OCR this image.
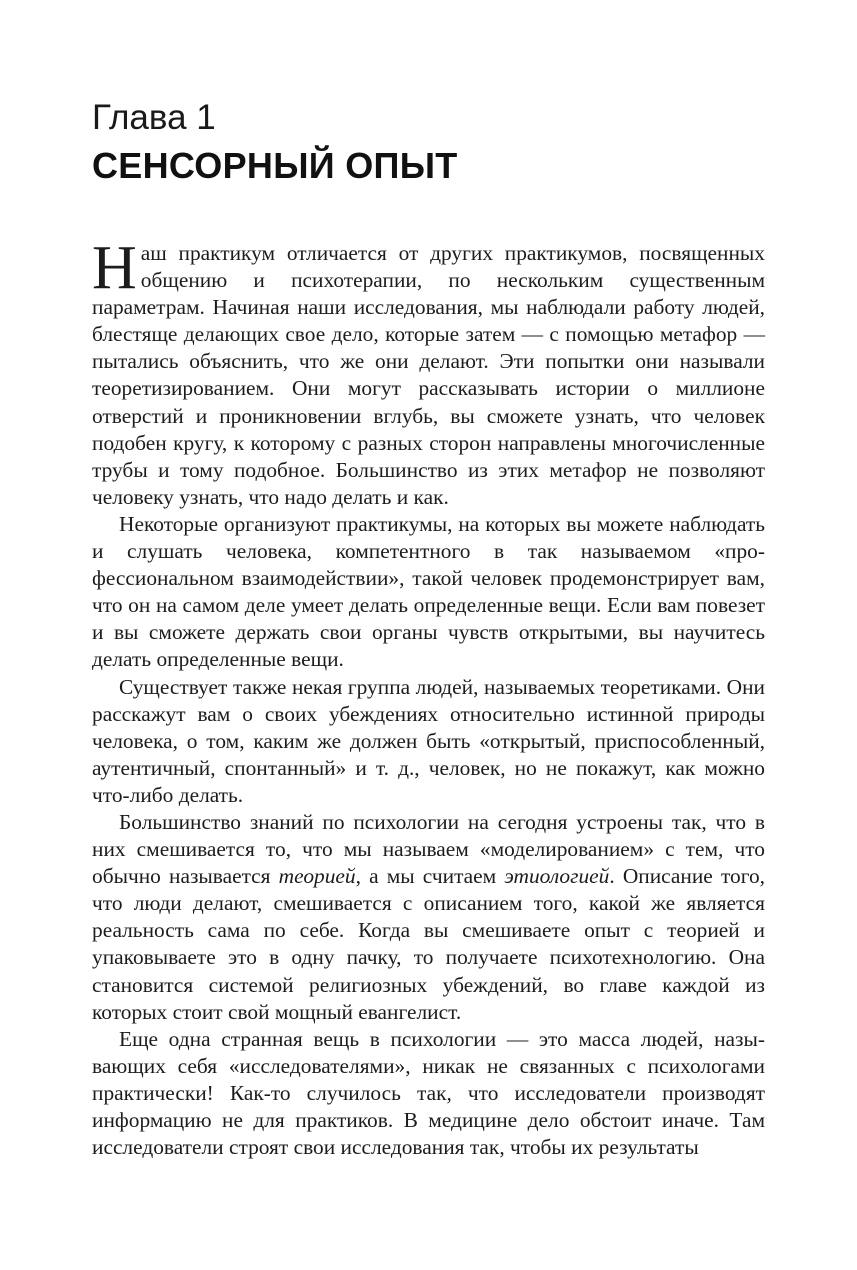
Глава 1
СЕНСОРНЫЙ ОПЫТ

Наш практикум отличается от других практикумов, посвященных общению и психотерапии, по нескольким существенным параметрам. Начиная наши исследования, мы наблюдали работу людей, блестяще делающих свое дело, которые затем — с помощью метафор — пытались объяснить, что же они делают. Эти попытки они называли теоретизированием. Они могут рассказывать истории о миллионе отверстий и проникновении вглубь, вы сможете узнать, что человек подобен кругу, к которому с разных сторон направлены многочисленные трубы и тому подобное. Большинство из этих метафор не позволяют человеку узнать, что надо делать и как.

Некоторые организуют практикумы, на которых вы можете наблюдать и слушать человека, компетентного в так называемом «профессиональном взаимодействии», такой человек продемонстрирует вам, что он на самом деле умеет делать определенные вещи. Если вам повезет и вы сможете держать свои органы чувств открытыми, вы научитесь делать определенные вещи.

Существует также некая группа людей, называемых теоретиками. Они расскажут вам о своих убеждениях относительно истинной природы человека, о том, каким же должен быть «открытый, приспособленный, аутентичный, спонтанный» и т. д., человек, но не покажут, как можно что-либо делать.

Большинство знаний по психологии на сегодня устроены так, что в них смешивается то, что мы называем «моделированием» с тем, что обычно называется теорией, а мы считаем этиологией. Описание того, что люди делают, смешивается с описанием того, какой же является реальность сама по себе. Когда вы смешиваете опыт с теорией и упаковываете это в одну пачку, то получаете психотехнологию. Она становится системой религиозных убеждений, во главе каждой из которых стоит свой мощный евангелист.

Еще одна странная вещь в психологии — это масса людей, называющих себя «исследователями», никак не связанных с психологами практически! Как-то случилось так, что исследователи производят информацию не для практиков. В медицине дело обстоит иначе. Там исследователи строят свои исследования так, чтобы их результаты
